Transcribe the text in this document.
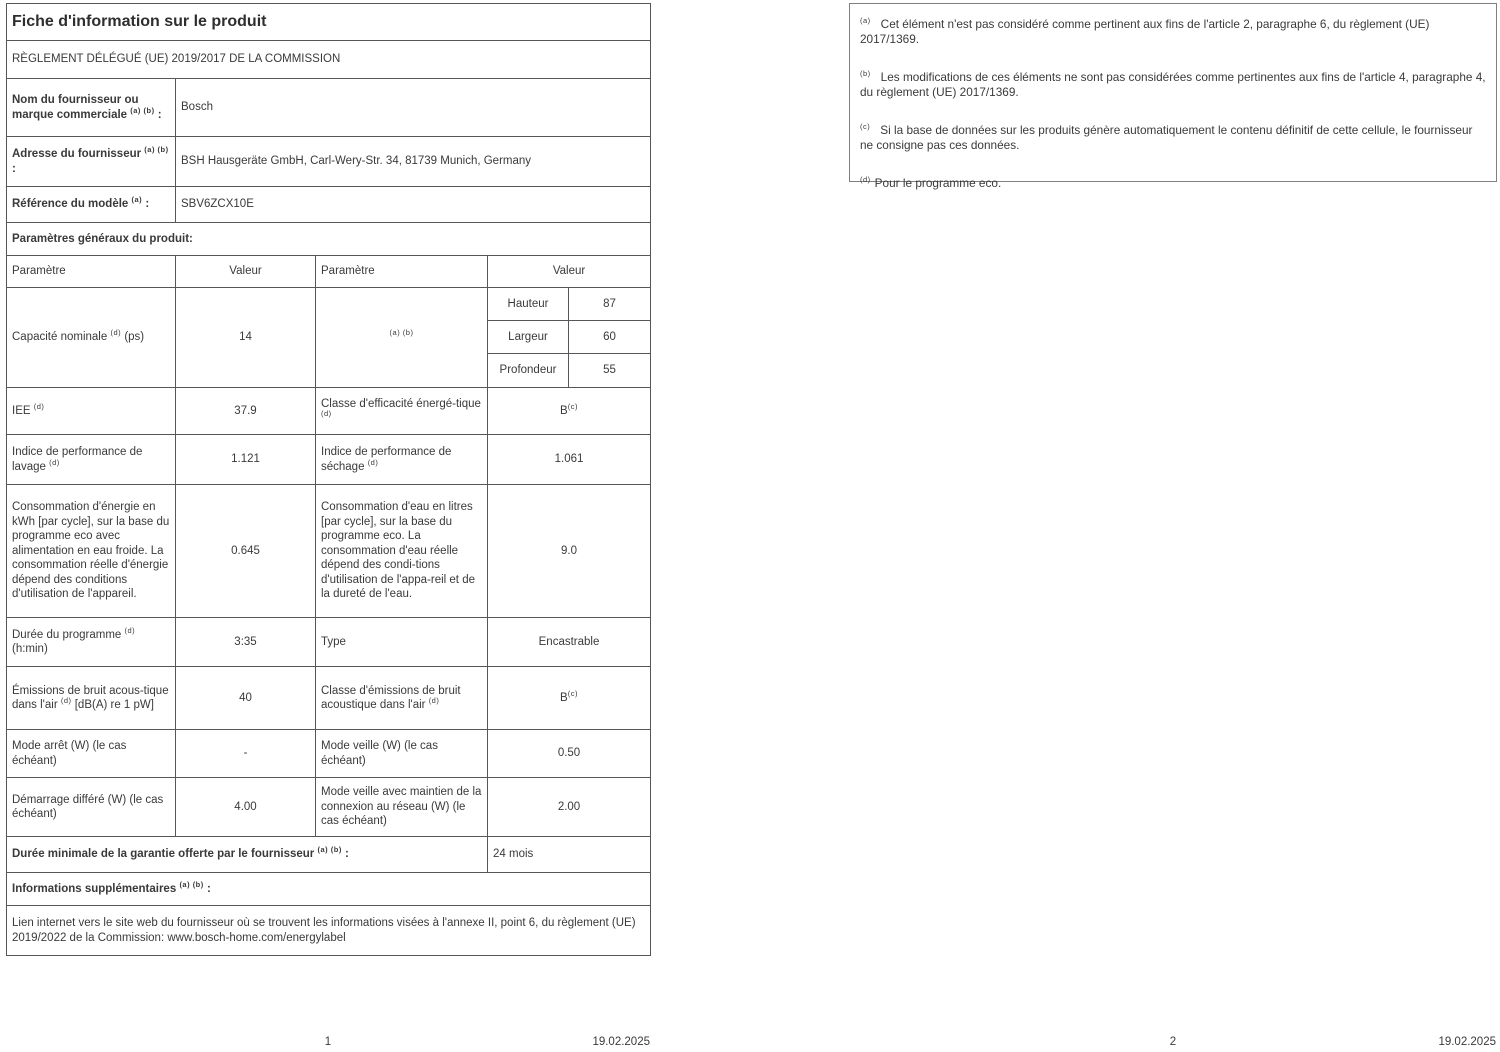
Fiche d'information sur le produit				
RÈGLEMENT DÉLÉGUÉ (UE) 2019/2017 DE LA COMMISSION				
Nom du fournisseur ou marque commerciale $^{(a) (b)}$ :	Bosch			
Adresse du fournisseur $^{(a) (b)}$ :	BSH Hausgeräte GmbH, Carl-Wery-Str. 34, 81739 Munich, Germany			
Référence du modèle $^{(a)}$ :	SBV6ZCX10E			
Paramètres généraux du produit:				
Paramètre	Valeur	Paramètre	Valeur	
Capacité nominale $^{(d)}$ (ps)	14	$^{(a) (b)}$	Hauteur	87
			Largeur	60
			Profondeur	55
IEE $^{(d)}$	37.9	Classe d'efficacité énergé-tique $^{(d)}$	$B^{(c)}$
Indice de performance de lavage $^{(d)}$	1.121	Indice de performance de séchage $^{(d)}$	1.061	
Consommation d'énergie en kWh [par cycle], sur la base du programme eco avec alimentation en eau froide. La consommation réelle d'énergie dépend des conditions d'utilisation de l'appareil.	0.645	Consommation d'eau en litres [par cycle], sur la base du programme eco. La consommation d'eau réelle dépend des condi-tions d'utilisation de l'appa-reil et de la dureté de l'eau.	9.0	
Durée du programme $^{(d)}$ (h:min)	3:35	Type	Encastrable	
Émissions de bruit acous-tique dans l'air $^{(d)}$ [dB(A) re 1 pW]	40	Classe d'émissions de bruit acoustique dans l'air $^{(d)}$	$B^{(c)}$
Mode arrêt (W) (le cas échéant)	-	Mode veille (W) (le cas échéant)	0.50	
Démarrage différé (W) (le cas échéant)	4.00	Mode veille avec maintien de la connexion au réseau (W) (le cas échéant)	2.00	
Durée minimale de la garantie offerte par le fournisseur $^{(a) (b)}$ :			24 mois	
Informations supplémentaires $^{(a) (b)}$ :				
Lien internet vers le site web du fournisseur où se trouvent les informations visées à l'annexe II, point 6, du règlement (UE) 2019/2022 de la Commission: www.bosch-home.com/energylabel				

$^{(a)}$ Cet élément n'est pas considéré comme pertinent aux fins de l'article 2, paragraphe 6, du règlement (UE) 2017/1369.

$^{(b)}$ Les modifications de ces éléments ne sont pas considérées comme pertinentes aux fins de l'article 4, paragraphe 4, du règlement (UE) 2017/1369.

$^{(c)}$ Si la base de données sur les produits génère automatiquement le contenu définitif de cette cellule, le fournisseur ne consigne pas ces données.

$^{(d)}$ Pour le programme eco.

1	19.02.2025	2	19.02.2025
